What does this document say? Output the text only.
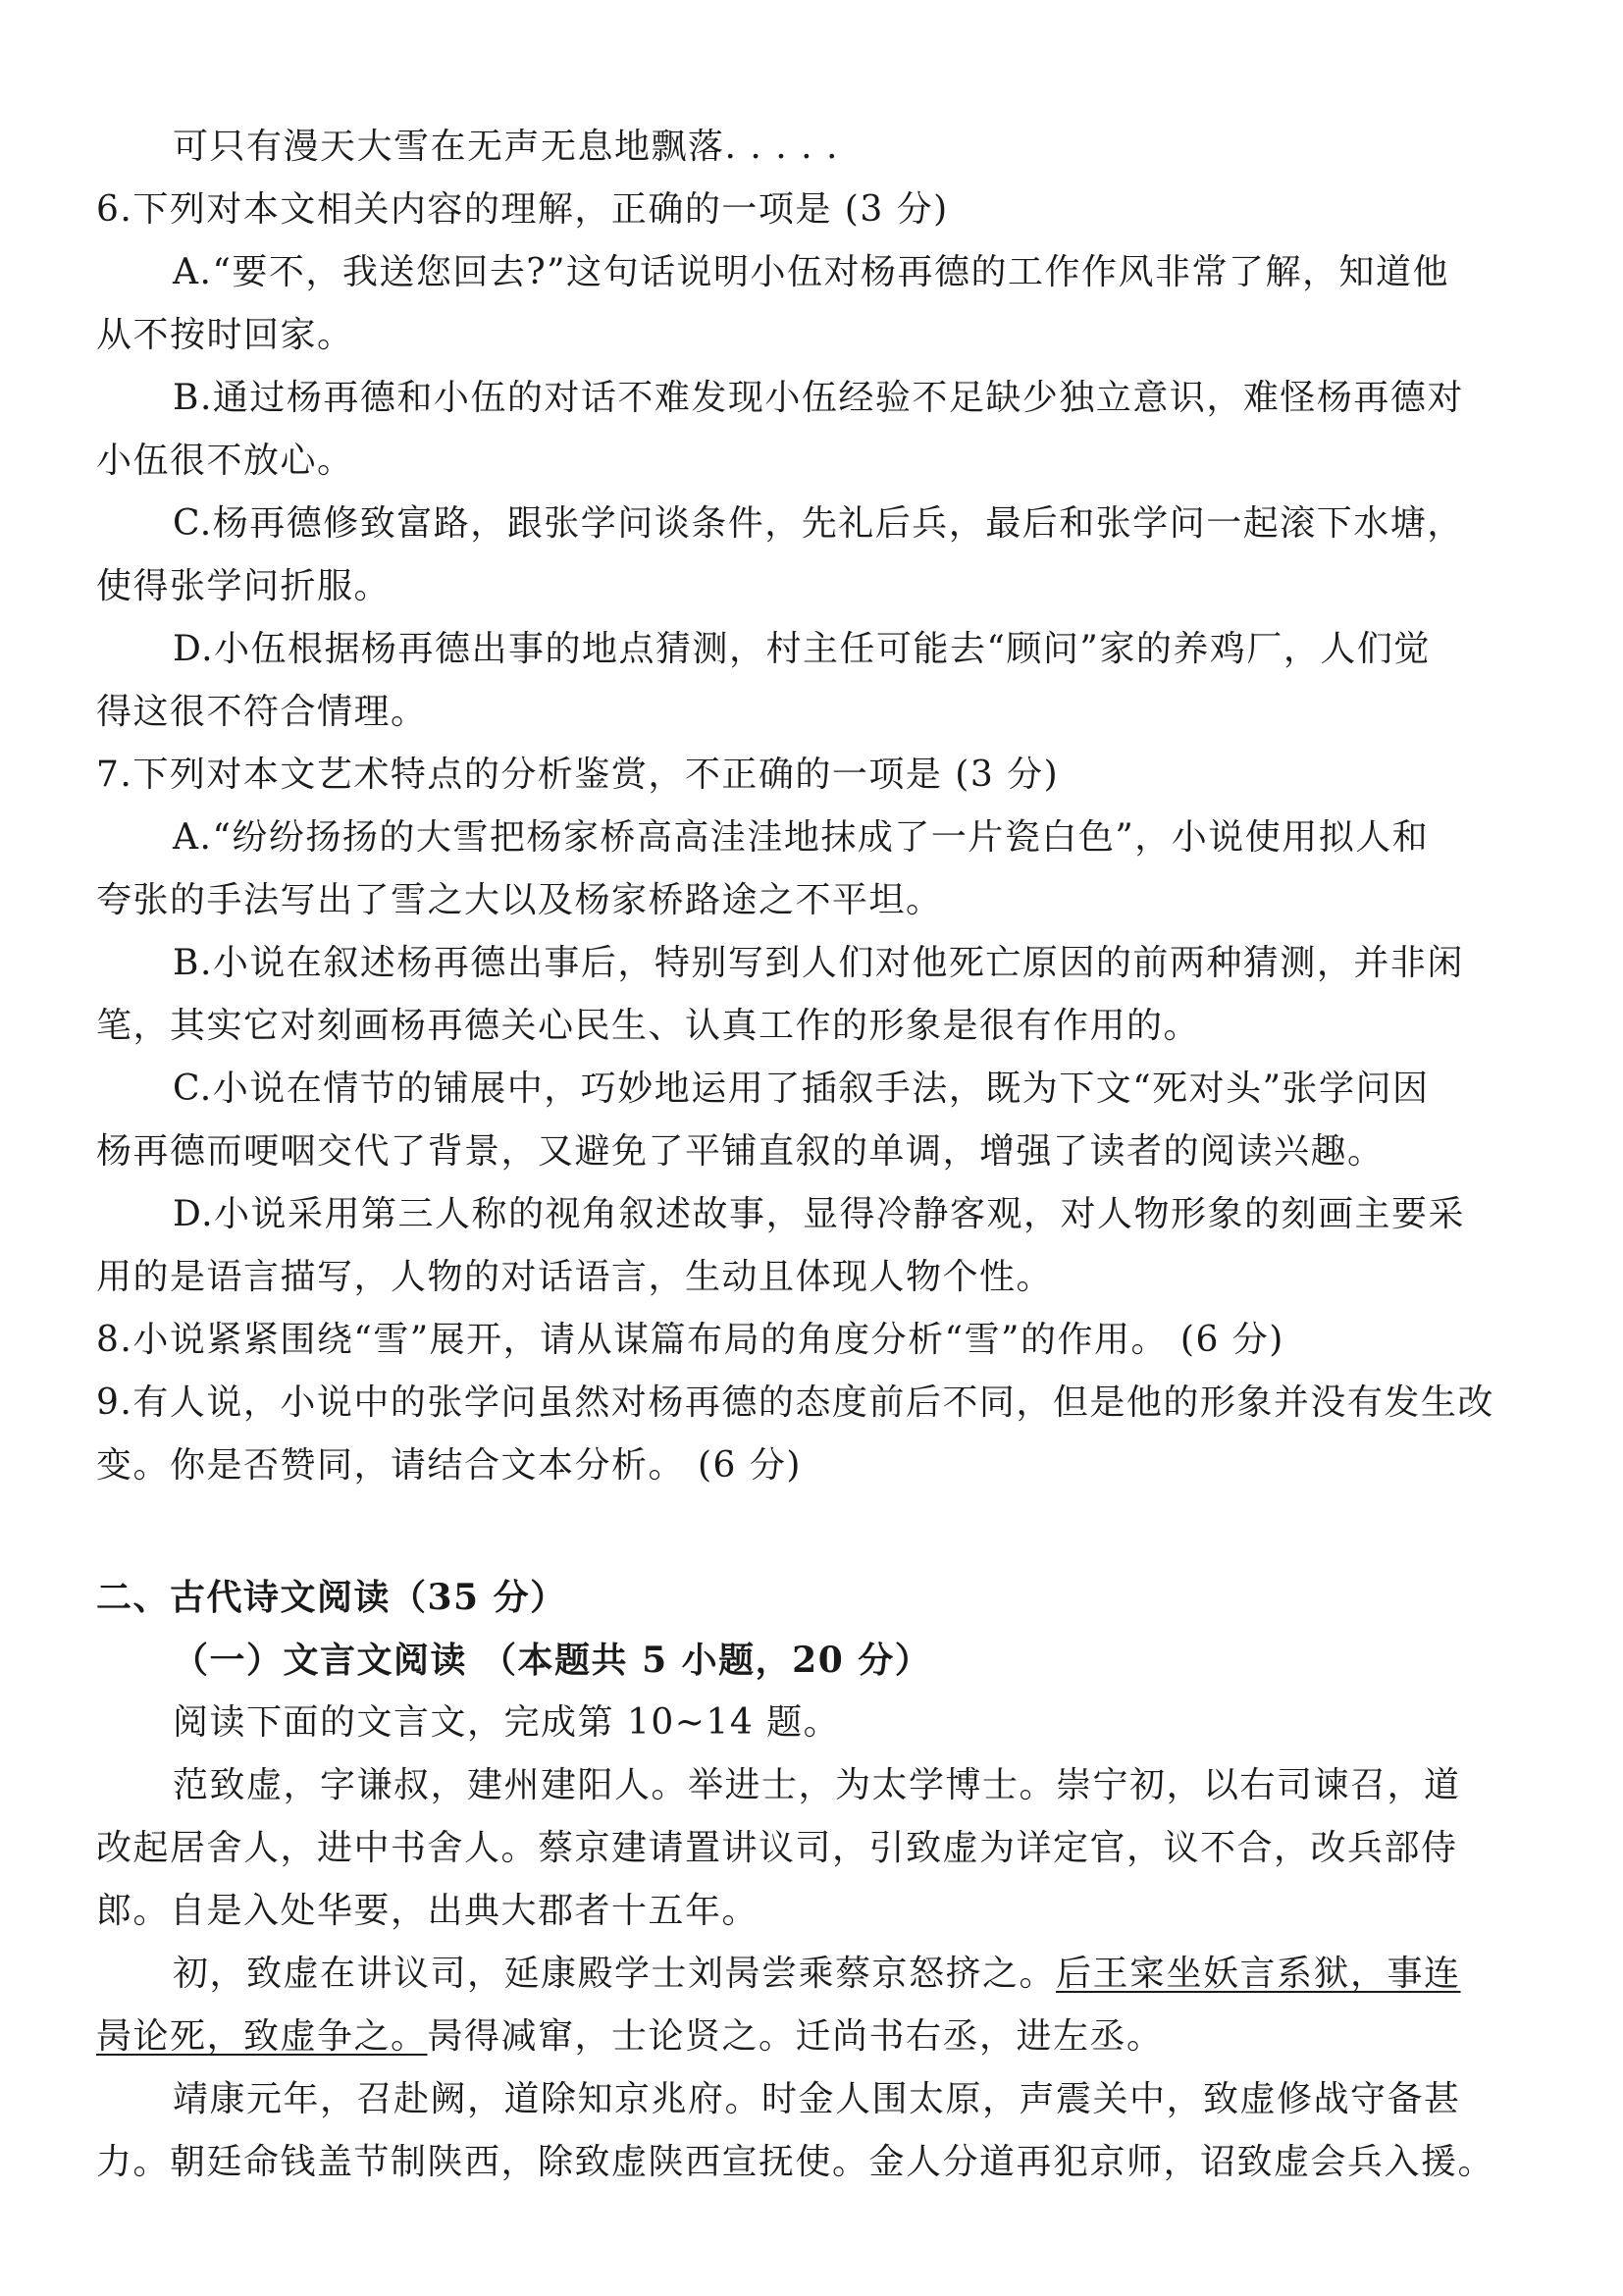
可只有漫天大雪在无声无息地飘落. . . . .
6.下列对本文相关内容的理解，正确的一项是 (3 分)
A.“要不，我送您回去?”这句话说明小伍对杨再德的工作作风非常了解，知道他
从不按时回家。
B.通过杨再德和小伍的对话不难发现小伍经验不足缺少独立意识，难怪杨再德对
小伍很不放心。
C.杨再德修致富路，跟张学问谈条件，先礼后兵，最后和张学问一起滚下水塘，
使得张学问折服。
D.小伍根据杨再德出事的地点猜测，村主任可能去“顾问”家的养鸡厂，人们觉
得这很不符合情理。
7.下列对本文艺术特点的分析鉴赏，不正确的一项是 (3 分)
A.“纷纷扬扬的大雪把杨家桥高高洼洼地抹成了一片瓷白色”，小说使用拟人和
夸张的手法写出了雪之大以及杨家桥路途之不平坦。
B.小说在叙述杨再德出事后，特别写到人们对他死亡原因的前两种猜测，并非闲
笔，其实它对刻画杨再德关心民生、认真工作的形象是很有作用的。
C.小说在情节的铺展中，巧妙地运用了插叙手法，既为下文“死对头”张学问因
杨再德而哽咽交代了背景，又避免了平铺直叙的单调，增强了读者的阅读兴趣。
D.小说采用第三人称的视角叙述故事，显得冷静客观，对人物形象的刻画主要采
用的是语言描写，人物的对话语言，生动且体现人物个性。
8.小说紧紧围绕“雪”展开，请从谋篇布局的角度分析“雪”的作用。 (6 分)
9.有人说，小说中的张学问虽然对杨再德的态度前后不同，但是他的形象并没有发生改
变。你是否赞同，请结合文本分析。 (6 分)
二、古代诗文阅读（35 分）
（一）文言文阅读 （本题共 5 小题，20 分）
阅读下面的文言文，完成第 10~14 题。
范致虚，字谦叔，建州建阳人。举进士，为太学博士。崇宁初，以右司谏召，道
改起居舍人，进中书舍人。蔡京建请置讲议司，引致虚为详定官，议不合，改兵部侍
郎。自是入处华要，出典大郡者十五年。
初，致虚在讲议司，延康殿学士刘昺尝乘蔡京怒挤之。后王寀坐妖言系狱，事连
昺论死，致虚争之。昺得减窜，士论贤之。迁尚书右丞，进左丞。
靖康元年，召赴阙，道除知京兆府。时金人围太原，声震关中，致虚修战守备甚
力。朝廷命钱盖节制陕西，除致虚陕西宣抚使。金人分道再犯京师，诏致虚会兵入援。
